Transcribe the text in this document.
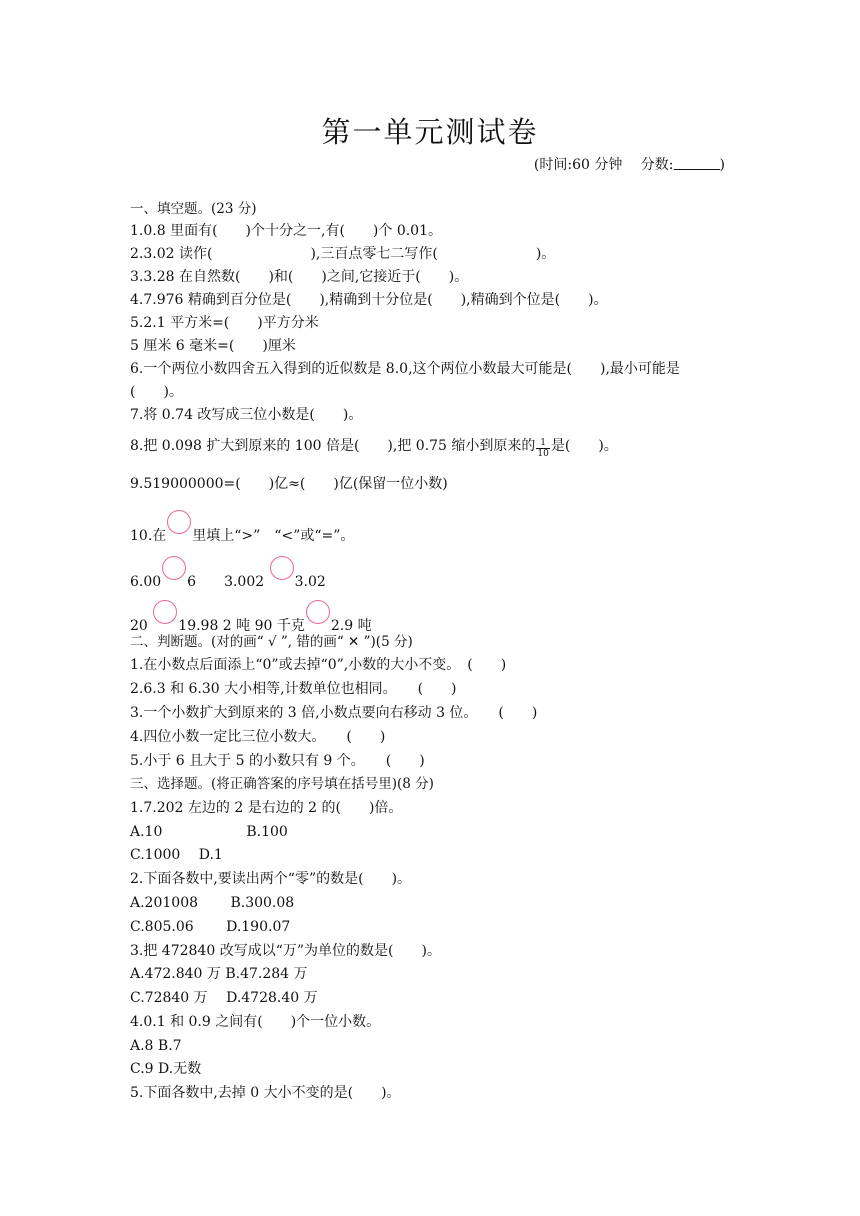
第一单元测试卷
(时间:60 分钟　 分数:	)
一、填空题。(23 分)
1.0.8 里面有(　　)个十分之一,有(　　)个 0.01。
2.3.02 读作(　　　　　　　),三百点零七二写作(　　　　　　　)。
3.3.28 在自然数(　　)和(　　)之间,它接近于(　　)。
4.7.976 精确到百分位是(　　),精确到十分位是(　　),精确到个位是(　　)。
5.2.1 平方米=(　　)平方分米
5 厘米 6 毫米=(　　)厘米
6.一个两位小数四舍五入得到的近似数是 8.0,这个两位小数最大可能是(　　),最小可能是
(　　)。
7.将 0.74 改写成三位小数是(　　)。
8.把 0.098 扩大到原来的 100 倍是(　　),把 0.75 缩小到原来的 $\frac{1}{10}$ 是(　　)。
9.519000000=(　　)亿≈(　　)亿(保留一位小数)
10.在 里填上“>”　“<”或“=”。
6.00 6　　3.002 3.02
20 19.98 2 吨 90 千克 2.9 吨
二、判断题。(对的画“ √ ”, 错的画“ ✕ ”)(5 分)
1.在小数点后面添上“0”或去掉“0”,小数的大小不变。　(　　)
2.6.3 和 6.30 大小相等,计数单位也相同。　　(　　)
3.一个小数扩大到原来的 3 倍,小数点要向右移动 3 位。　　(　　)
4.四位小数一定比三位小数大。　　(　　)
5.小于 6 且大于 5 的小数只有 9 个。　　(　　)
三、选择题。(将正确答案的序号填在括号里)(8 分)
1.7.202 左边的 2 是右边的 2 的(　　)倍。
A.10　　　　　　B.100
C.1000　 D.1
2.下面各数中,要读出两个“零”的数是(　　)。
A.201008　　 B.300.08
C.805.06　　 D.190.07
3.把 472840 改写成以“万”为单位的数是(　　)。
A.472.840 万 B.47.284 万
C.72840 万　 D.4728.40 万
4.0.1 和 0.9 之间有(　　)个一位小数。
A.8 B.7
C.9 D.无数
5.下面各数中,去掉 0 大小不变的是(　　)。
